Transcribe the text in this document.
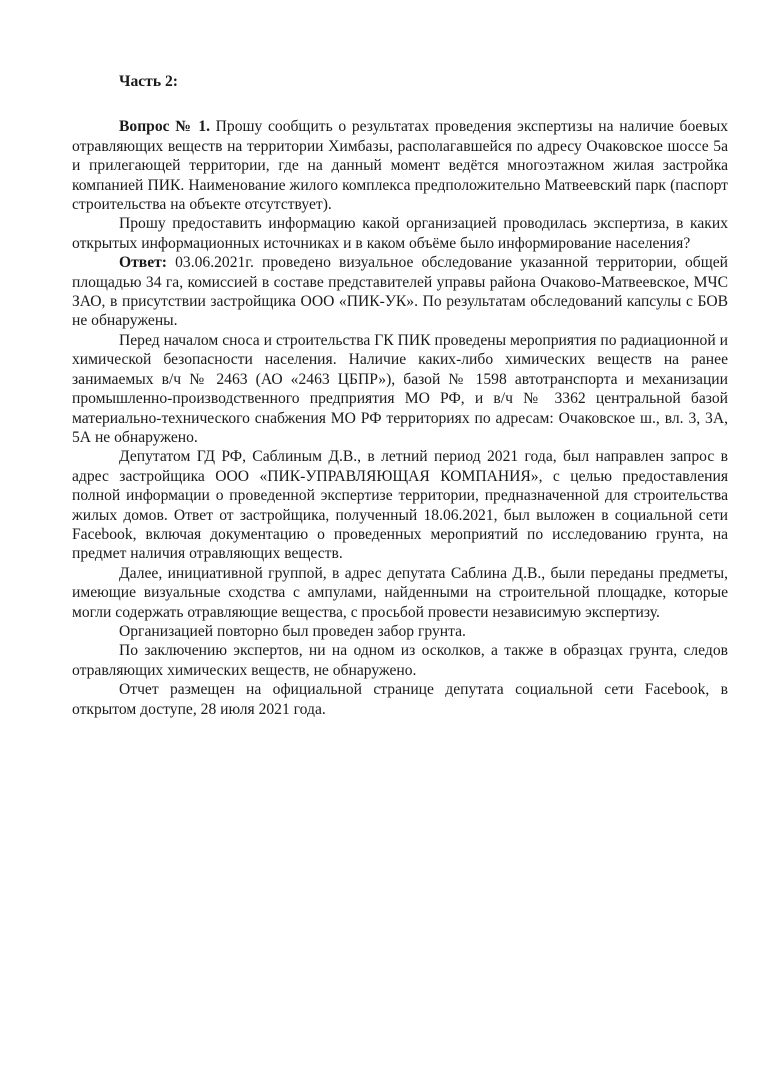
Часть 2:

Вопрос № 1. Прошу сообщить о результатах проведения экспертизы на наличие боевых отравляющих веществ на территории Химбазы, располагавшейся по адресу Очаковское шоссе 5а и прилегающей территории, где на данный момент ведётся многоэтажном жилая застройка компанией ПИК. Наименование жилого комплекса предположительно Матвеевский парк (паспорт строительства на объекте отсутствует).

Прошу предоставить информацию какой организацией проводилась экспертиза, в каких открытых информационных источниках и в каком объёме было информирование населения?

Ответ: 03.06.2021г. проведено визуальное обследование указанной территории, общей площадью 34 га, комиссией в составе представителей управы района Очаково-Матвеевское, МЧС ЗАО, в присутствии застройщика ООО «ПИК-УК». По результатам обследований капсулы с БОВ не обнаружены.

Перед началом сноса и строительства ГК ПИК проведены мероприятия по радиационной и химической безопасности населения. Наличие каких-либо химических веществ на ранее занимаемых в/ч № 2463 (АО «2463 ЦБПР»), базой № 1598 автотранспорта и механизации промышленно-производственного предприятия МО РФ, и в/ч № 3362 центральной базой материально-технического снабжения МО РФ территориях по адресам: Очаковское ш., вл. 3, 3А, 5А не обнаружено.

Депутатом ГД РФ, Саблиным Д.В., в летний период 2021 года, был направлен запрос в адрес застройщика ООО «ПИК-УПРАВЛЯЮЩАЯ КОМПАНИЯ», с целью предоставления полной информации о проведенной экспертизе территории, предназначенной для строительства жилых домов. Ответ от застройщика, полученный 18.06.2021, был выложен в социальной сети Facebook, включая документацию о проведенных мероприятий по исследованию грунта, на предмет наличия отравляющих веществ.

Далее, инициативной группой, в адрес депутата Саблина Д.В., были переданы предметы, имеющие визуальные сходства с ампулами, найденными на строительной площадке, которые могли содержать отравляющие вещества, с просьбой провести независимую экспертизу.

Организацией повторно был проведен забор грунта.

По заключению экспертов, ни на одном из осколков, а также в образцах грунта, следов отравляющих химических веществ, не обнаружено.

Отчет размещен на официальной странице депутата социальной сети Facebook, в открытом доступе, 28 июля 2021 года.
